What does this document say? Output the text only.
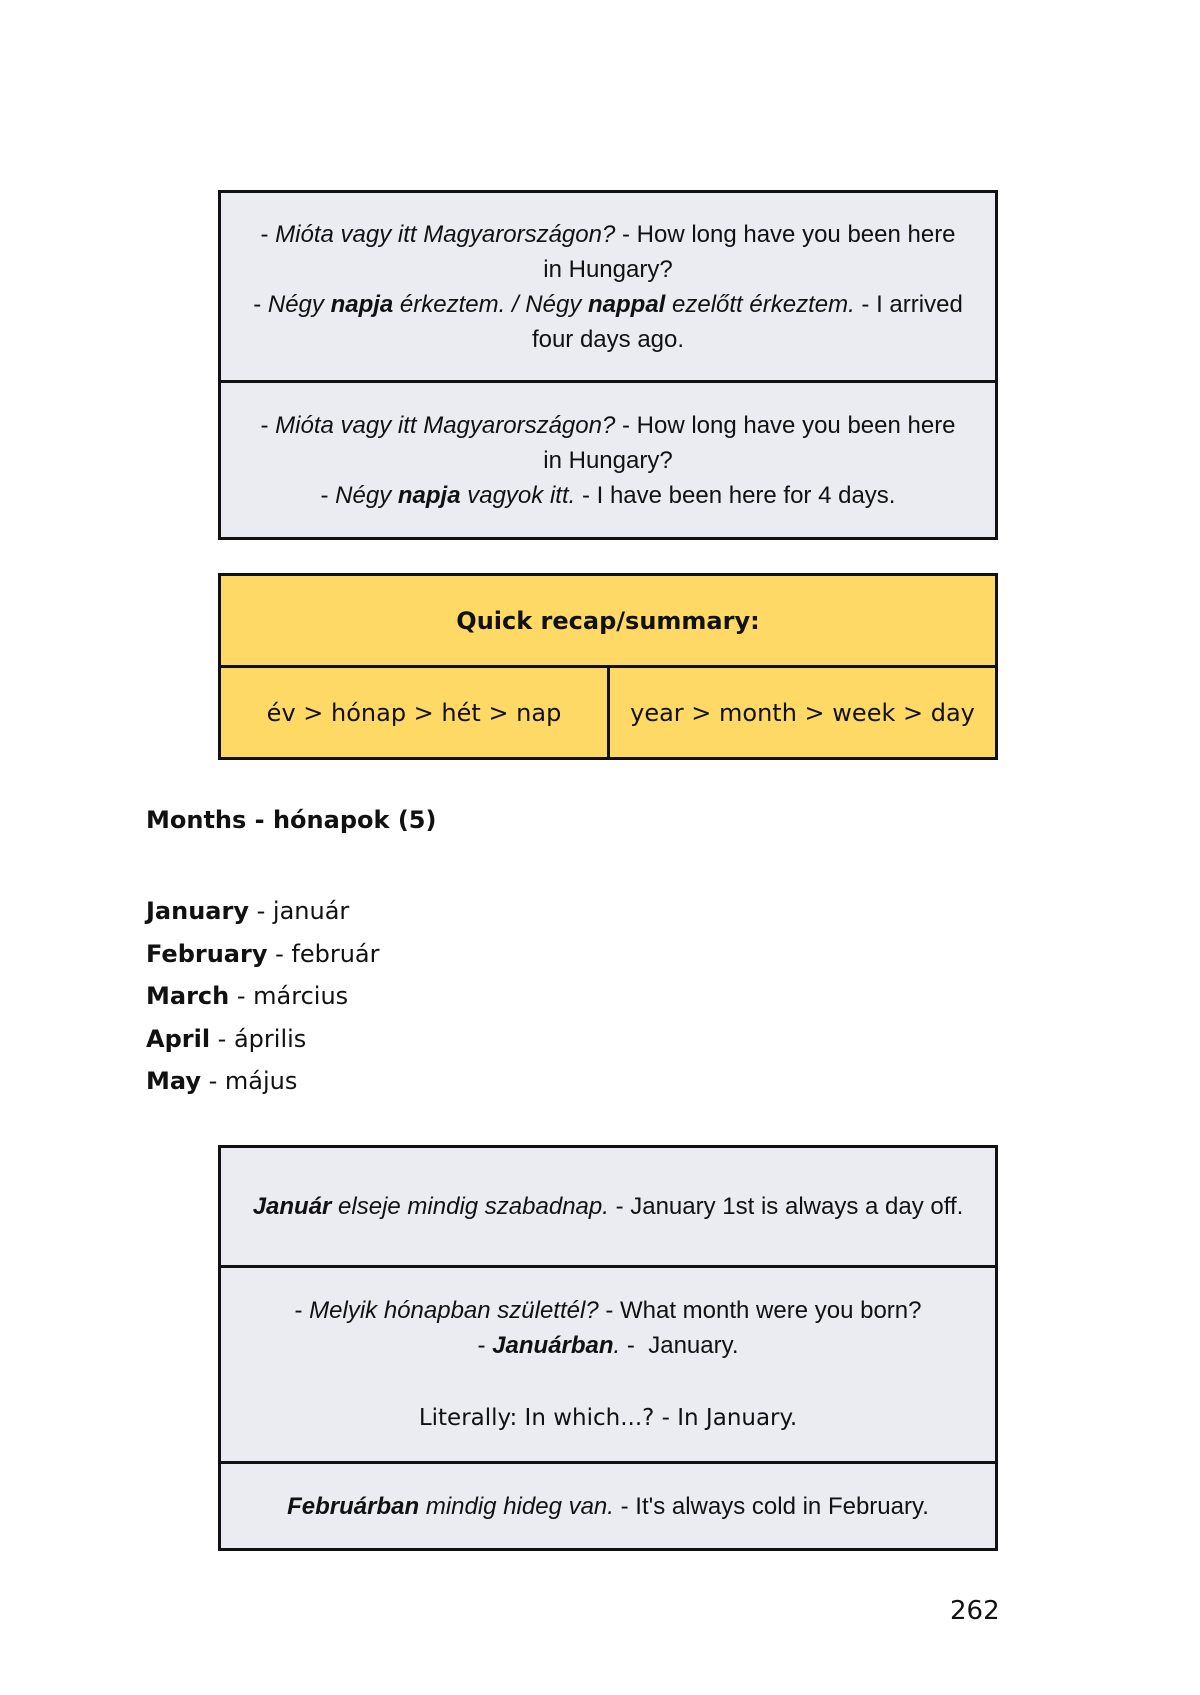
- Mióta vagy itt Magyarországon? - How long have you been here in Hungary?

- Négy napja érkeztem. / Négy nappal ezelőtt érkeztem. - I arrived four days ago.

- Mióta vagy itt Magyarországon? - How long have you been here in Hungary?

- Négy napja vagyok itt. - I have been here for 4 days.

Quick recap/summary:
év > hónap > hét > nap	year > month > week > day

Months - hónapok (5)

January - január
February - február
March - március
April - április
May - május

Január elseje mindig szabadnap. - January 1st is always a day off.

- Melyik hónapban születtél? - What month were you born?

- Januárban. -  January.

Literally: In which...? - In January.

Februárban mindig hideg van. - It's always cold in February.

262
